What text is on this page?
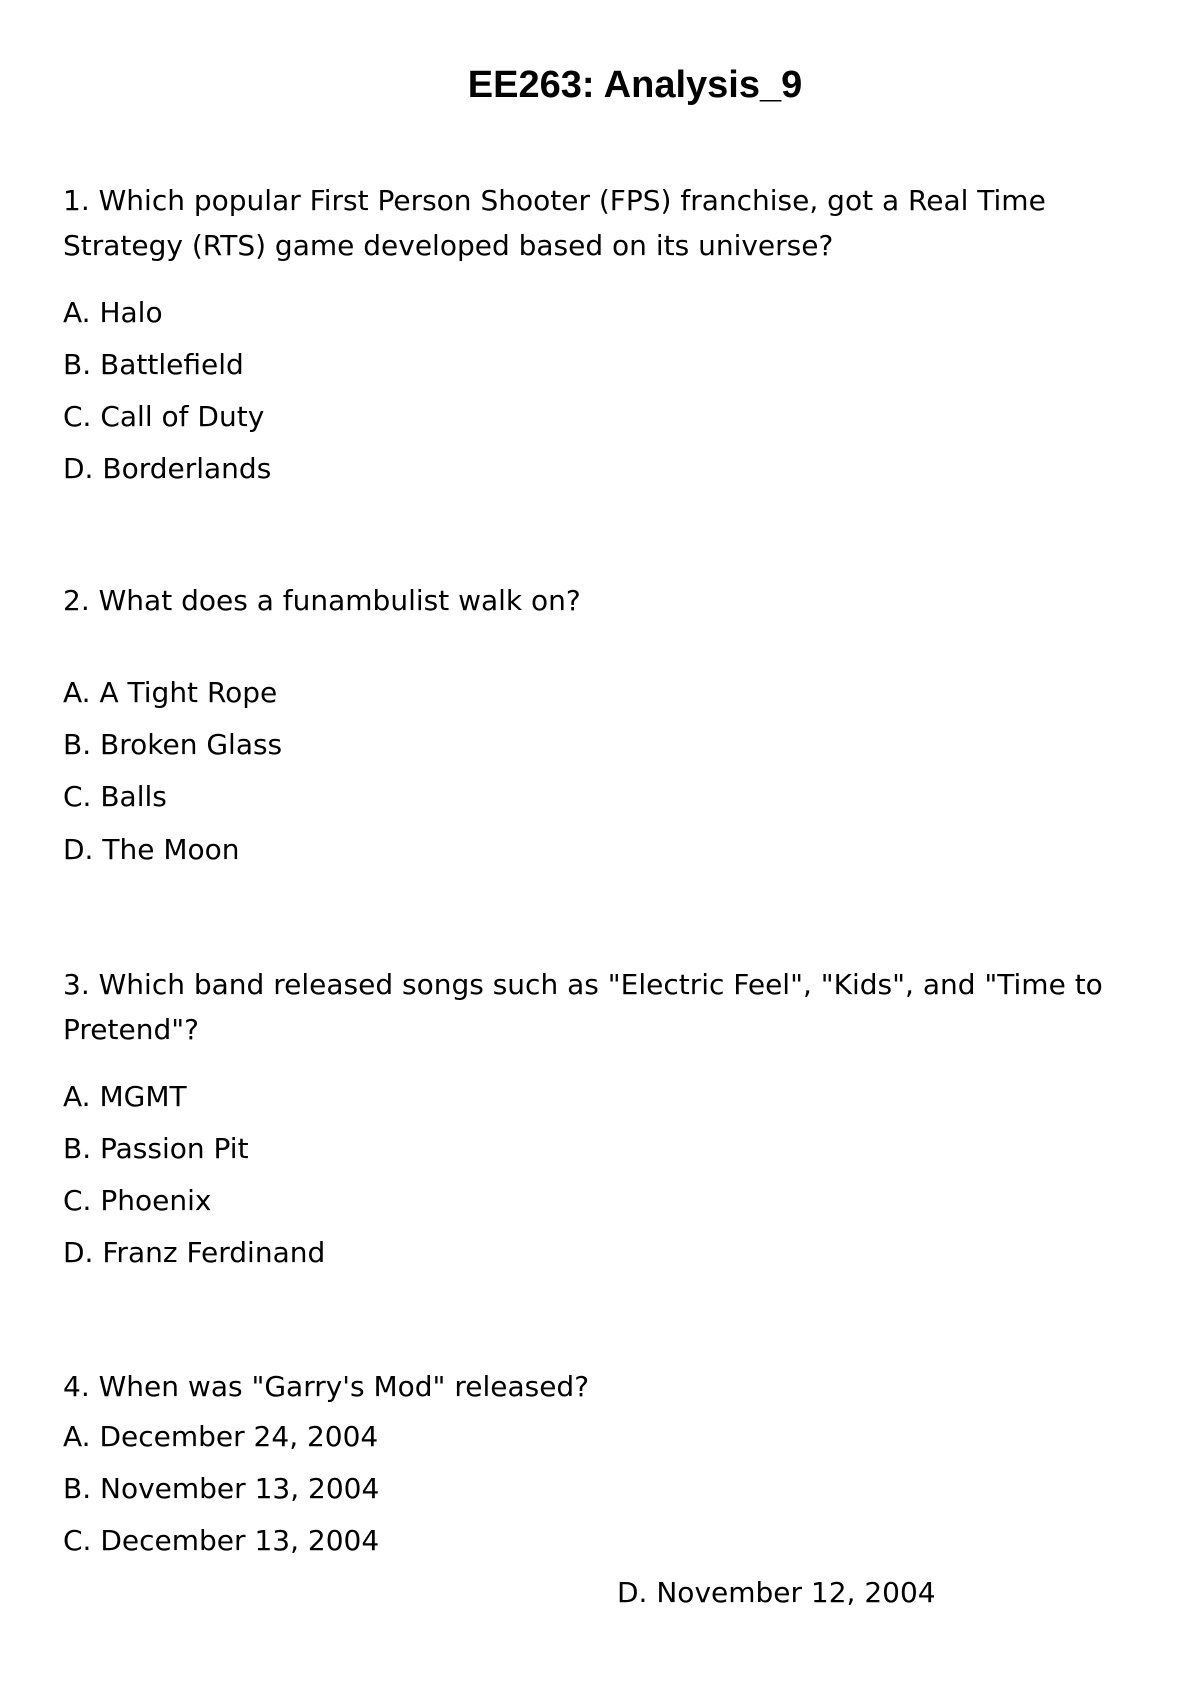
EE263: Analysis_9

1. Which popular First Person Shooter (FPS) franchise, got a Real Time Strategy (RTS) game developed based on its universe?

A. Halo
B. Battlefield
C. Call of Duty
D. Borderlands

2. What does a funambulist walk on?

A. A Tight Rope
B. Broken Glass
C. Balls
D. The Moon

3. Which band released songs such as "Electric Feel", "Kids", and "Time to Pretend"?

A. MGMT
B. Passion Pit
C. Phoenix
D. Franz Ferdinand

4. When was "Garry's Mod" released?

A. December 24, 2004
B. November 13, 2004
C. December 13, 2004
D. November 12, 2004
